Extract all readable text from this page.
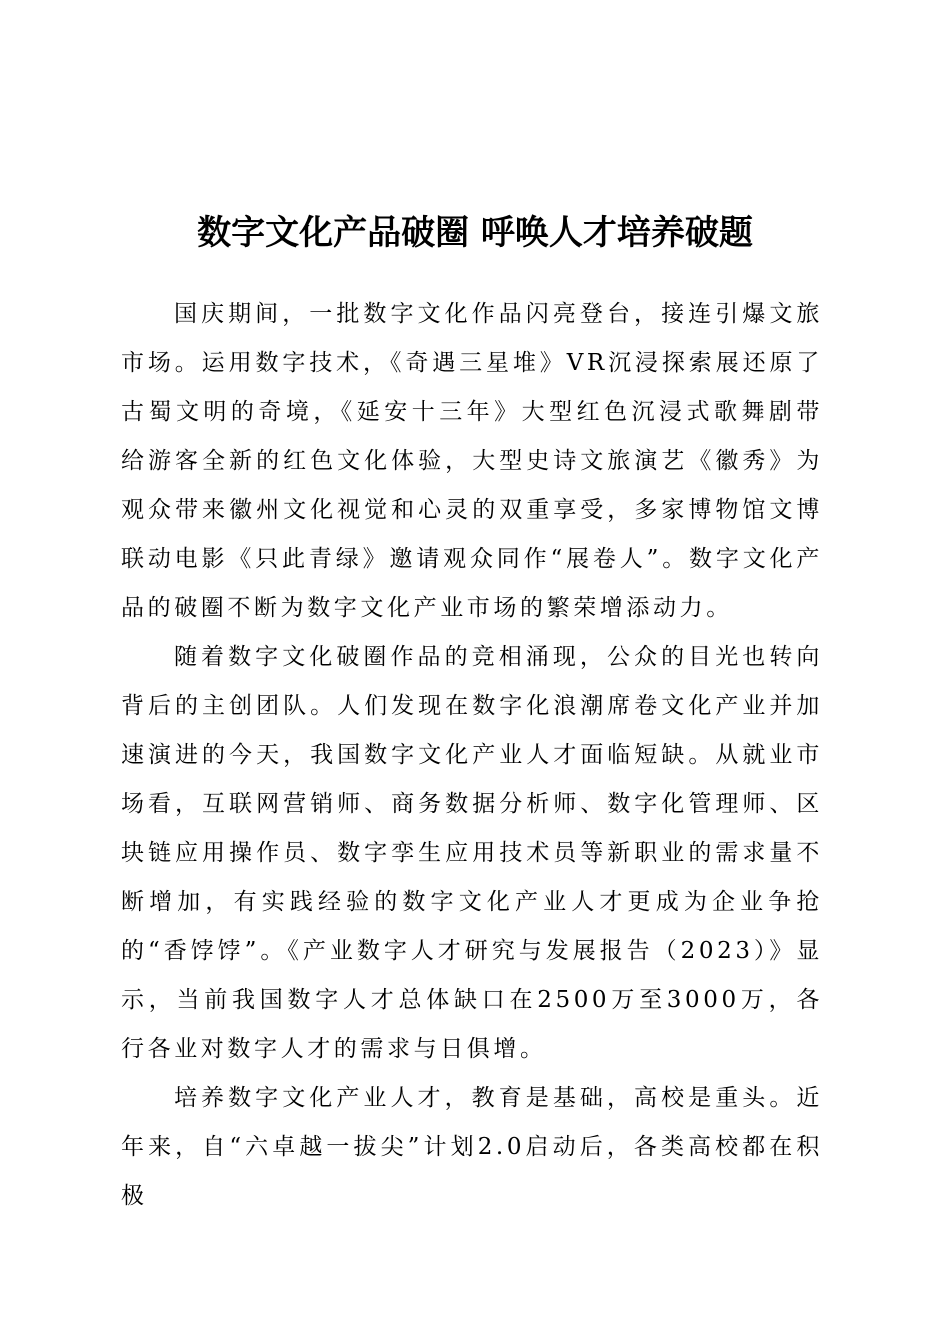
数字文化产品破圈 呼唤人才培养破题

国庆期间，一批数字文化作品闪亮登台，接连引爆文旅市场。运用数字技术，《奇遇三星堆》VR沉浸探索展还原了古蜀文明的奇境，《延安十三年》大型红色沉浸式歌舞剧带给游客全新的红色文化体验，大型史诗文旅演艺《徽秀》为观众带来徽州文化视觉和心灵的双重享受，多家博物馆文博联动电影《只此青绿》邀请观众同作“展卷人”。数字文化产品的破圈不断为数字文化产业市场的繁荣增添动力。

随着数字文化破圈作品的竞相涌现，公众的目光也转向背后的主创团队。人们发现在数字化浪潮席卷文化产业并加速演进的今天，我国数字文化产业人才面临短缺。从就业市场看，互联网营销师、商务数据分析师、数字化管理师、区块链应用操作员、数字孪生应用技术员等新职业的需求量不断增加，有实践经验的数字文化产业人才更成为企业争抢的“香饽饽”。《产业数字人才研究与发展报告（2023）》显示，当前我国数字人才总体缺口在2500万至3000万，各行各业对数字人才的需求与日俱增。

培养数字文化产业人才，教育是基础，高校是重头。近年来，自“六卓越一拔尖”计划2.0启动后，各类高校都在积极
